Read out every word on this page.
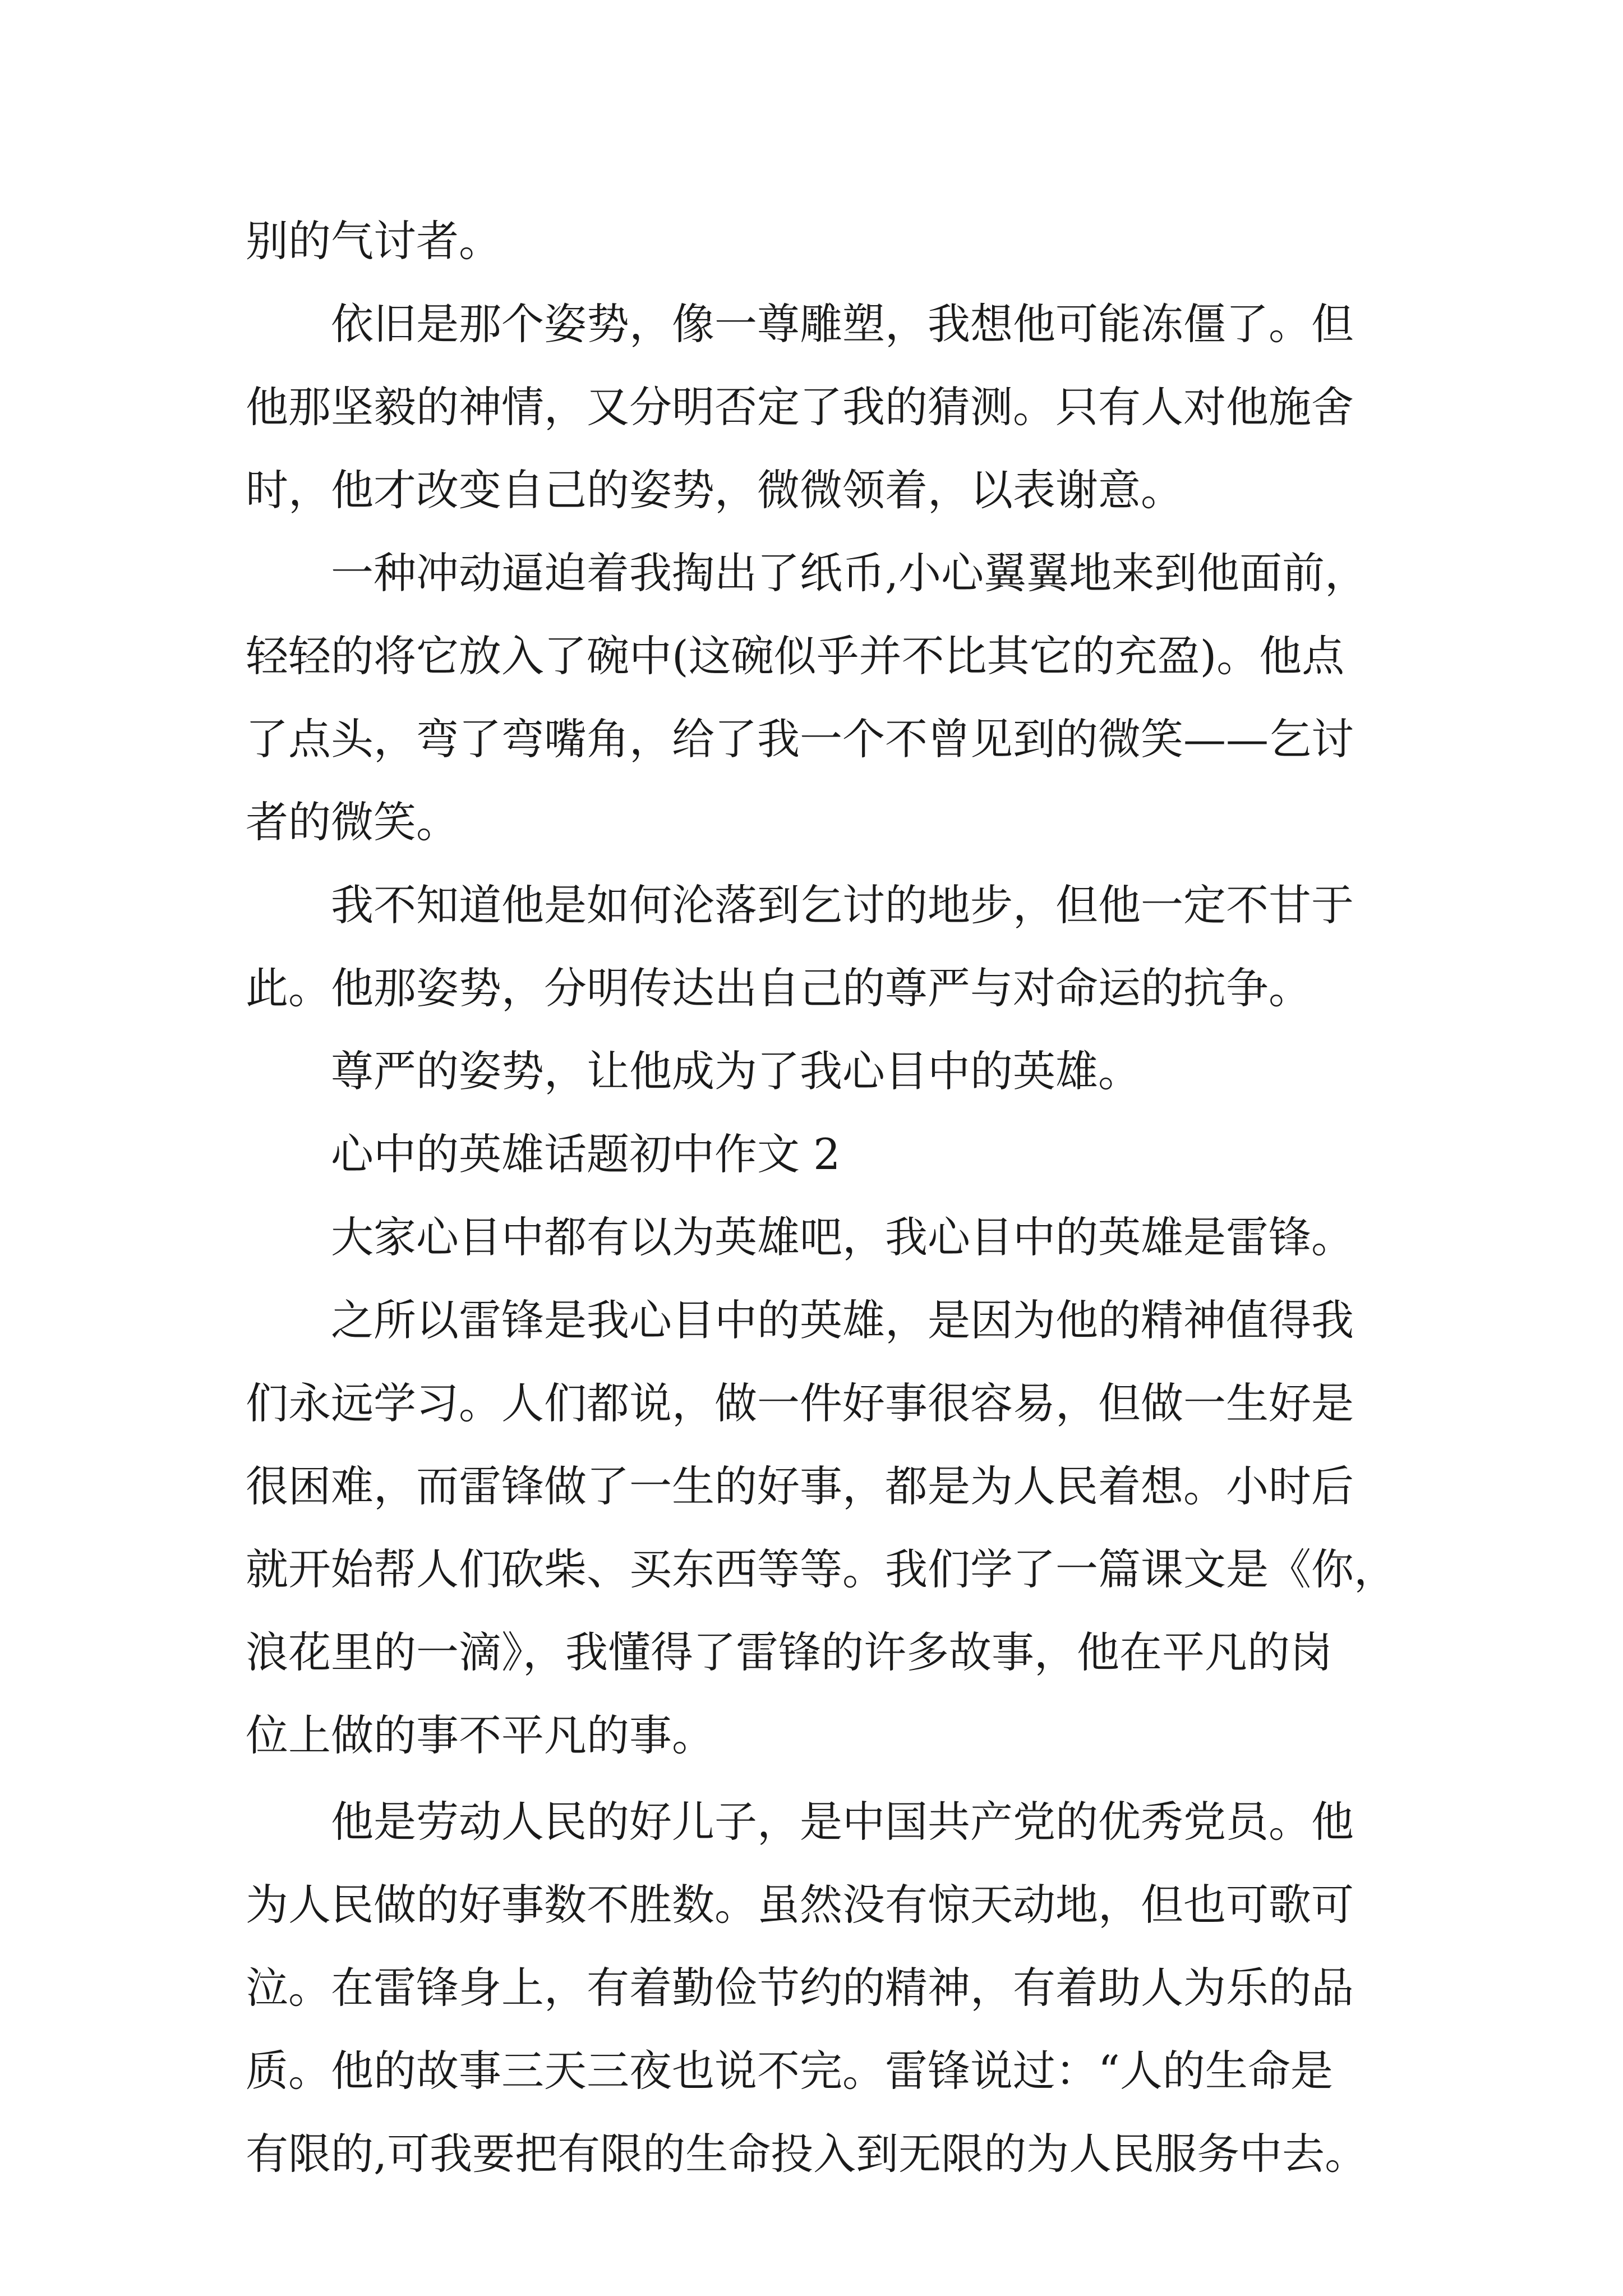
别的气讨者。
依旧是那个姿势，像一尊雕塑，我想他可能冻僵了。但
他那坚毅的神情，又分明否定了我的猜测。只有人对他施舍
时，他才改变自己的姿势，微微领着，以表谢意。
一种冲动逼迫着我掏出了纸币,小心翼翼地来到他面前，
轻轻的将它放入了碗中(这碗似乎并不比其它的充盈)。他点
了点头，弯了弯嘴角，给了我一个不曾见到的微笑——乞讨
者的微笑。
我不知道他是如何沦落到乞讨的地步，但他一定不甘于
此。他那姿势，分明传达出自己的尊严与对命运的抗争。
尊严的姿势，让他成为了我心目中的英雄。
心中的英雄话题初中作文 2
大家心目中都有以为英雄吧，我心目中的英雄是雷锋。
之所以雷锋是我心目中的英雄，是因为他的精神值得我
们永远学习。人们都说，做一件好事很容易，但做一生好是
很困难，而雷锋做了一生的好事，都是为人民着想。小时后
就开始帮人们砍柴、买东西等等。我们学了一篇课文是《你，
浪花里的一滴》，我懂得了雷锋的许多故事，他在平凡的岗
位上做的事不平凡的事。
他是劳动人民的好儿子，是中国共产党的优秀党员。他
为人民做的好事数不胜数。虽然没有惊天动地，但也可歌可
泣。在雷锋身上，有着勤俭节约的精神，有着助人为乐的品
质。他的故事三天三夜也说不完。雷锋说过：“人的生命是
有限的,可我要把有限的生命投入到无限的为人民服务中去。
